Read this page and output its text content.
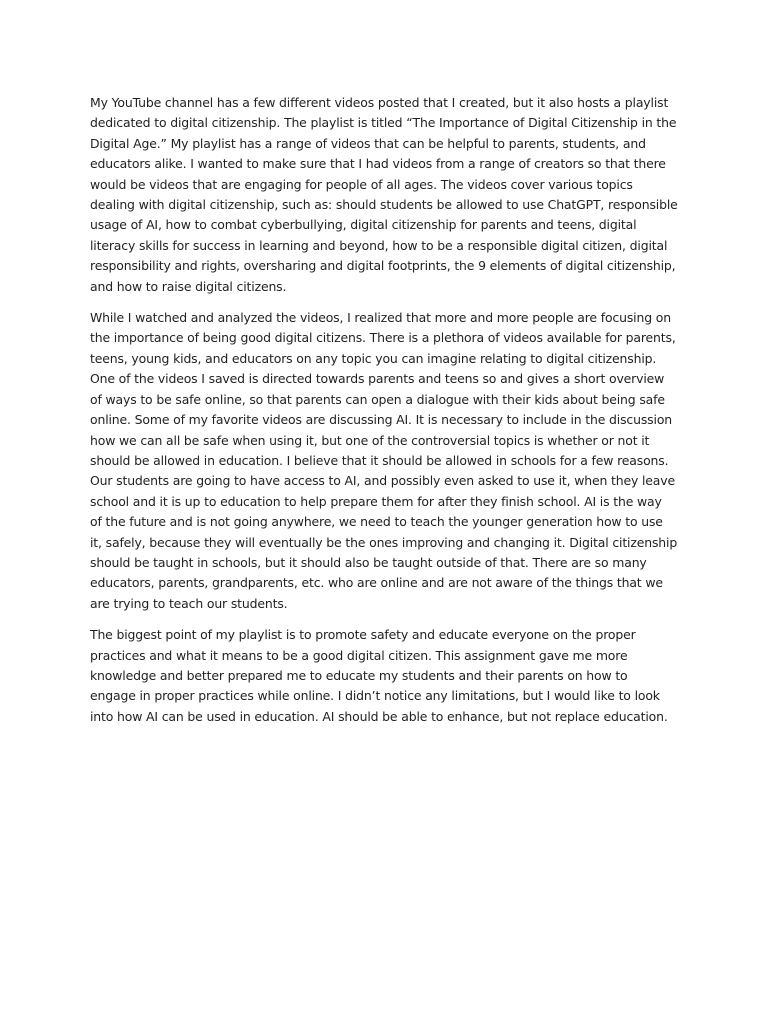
My YouTube channel has a few different videos posted that I created, but it also hosts a playlist
dedicated to digital citizenship. The playlist is titled “The Importance of Digital Citizenship in the
Digital Age.” My playlist has a range of videos that can be helpful to parents, students, and
educators alike. I wanted to make sure that I had videos from a range of creators so that there
would be videos that are engaging for people of all ages. The videos cover various topics
dealing with digital citizenship, such as: should students be allowed to use ChatGPT, responsible
usage of AI, how to combat cyberbullying, digital citizenship for parents and teens, digital
literacy skills for success in learning and beyond, how to be a responsible digital citizen, digital
responsibility and rights, oversharing and digital footprints, the 9 elements of digital citizenship,
and how to raise digital citizens.

While I watched and analyzed the videos, I realized that more and more people are focusing on
the importance of being good digital citizens. There is a plethora of videos available for parents,
teens, young kids, and educators on any topic you can imagine relating to digital citizenship.
One of the videos I saved is directed towards parents and teens so and gives a short overview
of ways to be safe online, so that parents can open a dialogue with their kids about being safe
online. Some of my favorite videos are discussing AI. It is necessary to include in the discussion
how we can all be safe when using it, but one of the controversial topics is whether or not it
should be allowed in education. I believe that it should be allowed in schools for a few reasons.
Our students are going to have access to AI, and possibly even asked to use it, when they leave
school and it is up to education to help prepare them for after they finish school. AI is the way
of the future and is not going anywhere, we need to teach the younger generation how to use
it, safely, because they will eventually be the ones improving and changing it. Digital citizenship
should be taught in schools, but it should also be taught outside of that. There are so many
educators, parents, grandparents, etc. who are online and are not aware of the things that we
are trying to teach our students.

The biggest point of my playlist is to promote safety and educate everyone on the proper
practices and what it means to be a good digital citizen. This assignment gave me more
knowledge and better prepared me to educate my students and their parents on how to
engage in proper practices while online. I didn’t notice any limitations, but I would like to look
into how AI can be used in education. AI should be able to enhance, but not replace education.
